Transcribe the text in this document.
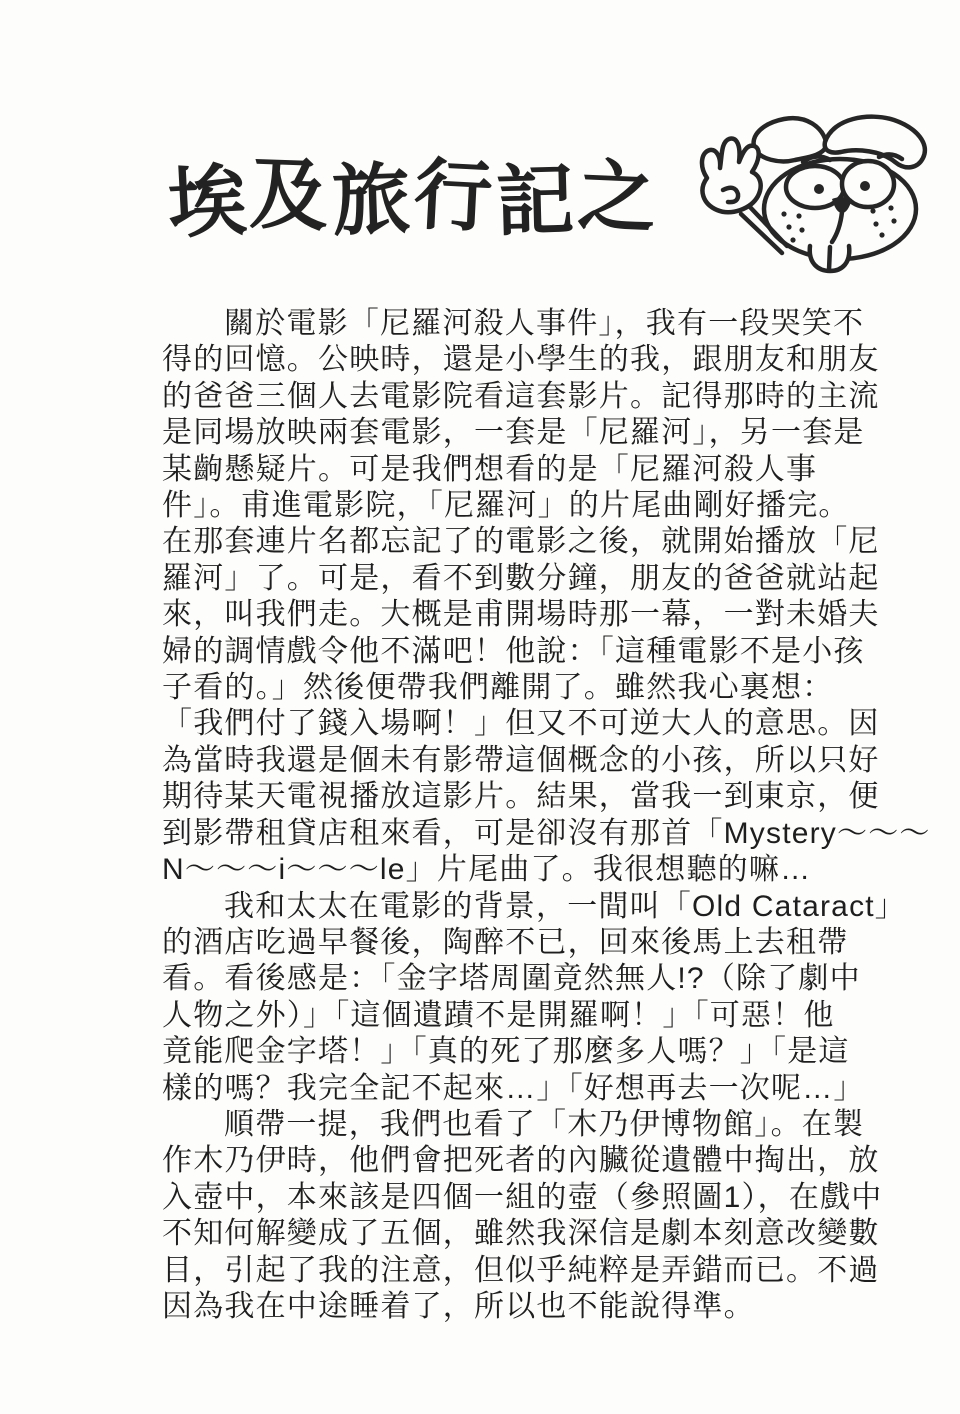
埃 及 旅 行 記 之
關於電影「尼羅河殺人事件」，我有一段哭笑不
得的回憶。公映時，還是小學生的我，跟朋友和朋友
的爸爸三個人去電影院看這套影片。記得那時的主流
是同場放映兩套電影，一套是「尼羅河」，另一套是
某齣懸疑片。可是我們想看的是「尼羅河殺人事
件」。甫進電影院，「尼羅河」的片尾曲剛好播完。
在那套連片名都忘記了的電影之後，就開始播放「尼
羅河」了。可是，看不到數分鐘，朋友的爸爸就站起
來，叫我們走。大概是甫開場時那一幕，一對未婚夫
婦的調情戲令他不滿吧！他說：「這種電影不是小孩
子看的。」然後便帶我們離開了。雖然我心裏想：
「我們付了錢入場啊！」但又不可逆大人的意思。因
為當時我還是個未有影帶這個概念的小孩，所以只好
期待某天電視播放這影片。結果，當我一到東京，便
到影帶租貸店租來看，可是卻沒有那首「Mystery〜〜〜
N〜〜〜i〜〜〜le」片尾曲了。我很想聽的嘛…
我和太太在電影的背景，一間叫「Old Cataract」
的酒店吃過早餐後，陶醉不已，回來後馬上去租帶
看。看後感是：「金字塔周圍竟然無人!?（除了劇中
人物之外）」「這個遺蹟不是開羅啊！」「可惡！他
竟能爬金字塔！」「真的死了那麼多人嗎？」「是這
樣的嗎？我完全記不起來…」「好想再去一次呢…」
順帶一提，我們也看了「木乃伊博物館」。在製
作木乃伊時，他們會把死者的內臟從遺體中掏出，放
入壺中，本來該是四個一組的壺（參照圖1），在戲中
不知何解變成了五個，雖然我深信是劇本刻意改變數
目，引起了我的注意，但似乎純粹是弄錯而已。不過
因為我在中途睡着了，所以也不能說得準。
